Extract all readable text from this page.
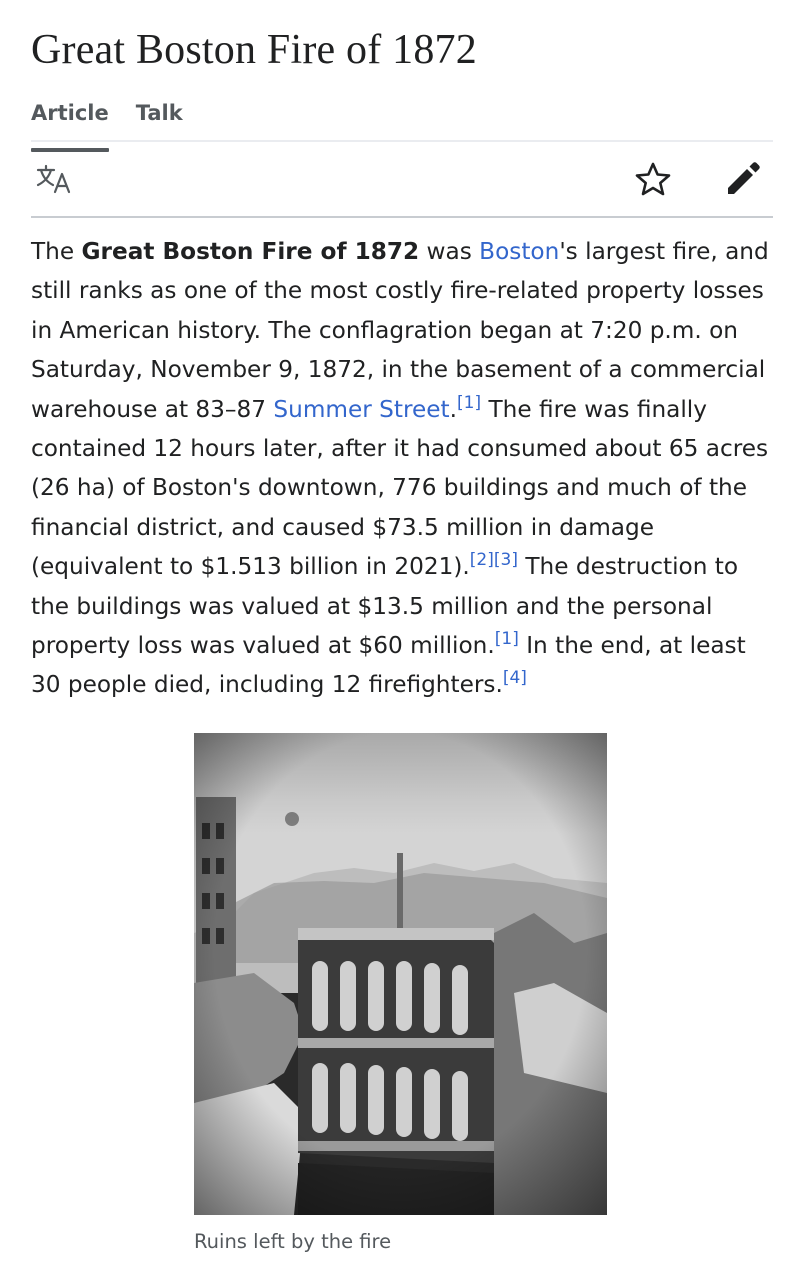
Great Boston Fire of 1872
Article Talk

The Great Boston Fire of 1872 was Boston's largest fire, and still ranks as one of the most costly fire-related property losses in American history. The conflagration began at 7:20 p.m. on Saturday, November 9, 1872, in the basement of a commercial warehouse at 83–87 Summer Street.[1] The fire was finally contained 12 hours later, after it had consumed about 65 acres (26 ha) of Boston's downtown, 776 buildings and much of the financial district, and caused $73.5 million in damage (equivalent to $1.513 billion in 2021).[2][3] The destruction to the buildings was valued at $13.5 million and the personal property loss was valued at $60 million.[1] In the end, at least 30 people died, including 12 firefighters.[4]

Ruins left by the fire
